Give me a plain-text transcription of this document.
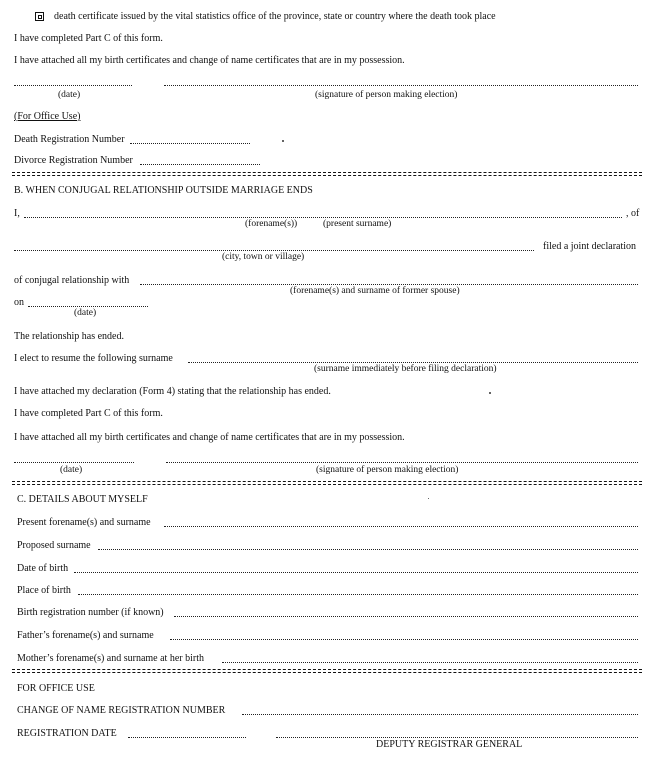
death certificate issued by the vital statistics office of the province, state or country where the death took place
I have completed Part C of this form.
I have attached all my birth certificates and change of name certificates that are in my possession.
(date)	(signature of person making election)
(For Office Use)
Death Registration Number
Divorce Registration Number
B. WHEN CONJUGAL RELATIONSHIP OUTSIDE MARRIAGE ENDS
I,	, of
(forename(s))	(present surname)
filed a joint declaration
(city, town or village)
of conjugal relationship with
(forename(s) and surname of former spouse)
on
(date)
The relationship has ended.
I elect to resume the following surname
(surname immediately before filing declaration)
I have attached my declaration (Form 4) stating that the relationship has ended.
I have completed Part C of this form.
I have attached all my birth certificates and change of name certificates that are in my possession.
(date)	(signature of person making election)
C. DETAILS ABOUT MYSELF
Present forename(s) and surname
Proposed surname
Date of birth
Place of birth
Birth registration number (if known)
Father’s forename(s) and surname
Mother’s forename(s) and surname at her birth
FOR OFFICE USE
CHANGE OF NAME REGISTRATION NUMBER
REGISTRATION DATE
DEPUTY REGISTRAR GENERAL
